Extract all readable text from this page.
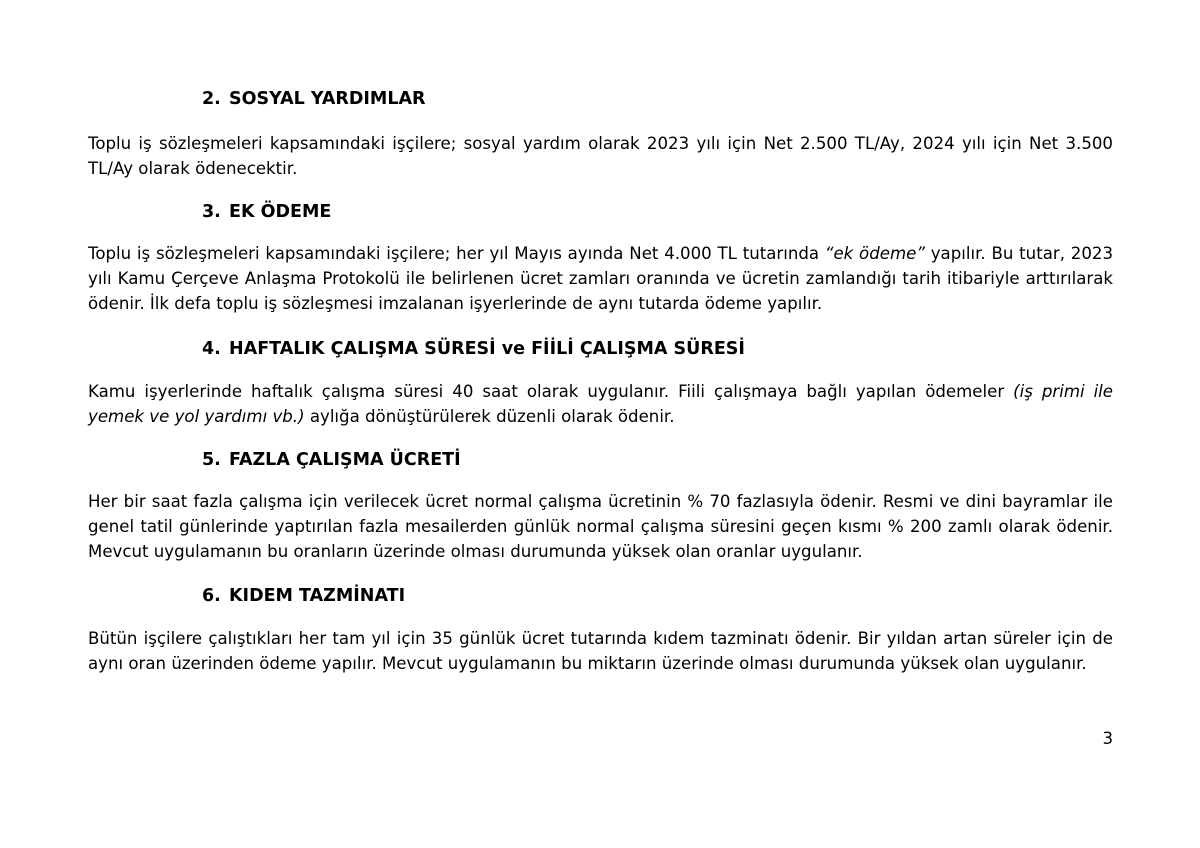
2. SOSYAL YARDIMLAR

Toplu iş sözleşmeleri kapsamındaki işçilere; sosyal yardım olarak 2023 yılı için Net 2.500 TL/Ay, 2024 yılı için Net 3.500 TL/Ay olarak ödenecektir.

3. EK ÖDEME

Toplu iş sözleşmeleri kapsamındaki işçilere; her yıl Mayıs ayında Net 4.000 TL tutarında “ek ödeme” yapılır. Bu tutar, 2023 yılı Kamu Çerçeve Anlaşma Protokolü ile belirlenen ücret zamları oranında ve ücretin zamlandığı tarih itibariyle arttırılarak ödenir. İlk defa toplu iş sözleşmesi imzalanan işyerlerinde de aynı tutarda ödeme yapılır.

4. HAFTALIK ÇALIŞMA SÜRESİ ve FİİLİ ÇALIŞMA SÜRESİ

Kamu işyerlerinde haftalık çalışma süresi 40 saat olarak uygulanır. Fiili çalışmaya bağlı yapılan ödemeler (iş primi ile yemek ve yol yardımı vb.) aylığa dönüştürülerek düzenli olarak ödenir.

5. FAZLA ÇALIŞMA ÜCRETİ

Her bir saat fazla çalışma için verilecek ücret normal çalışma ücretinin % 70 fazlasıyla ödenir. Resmi ve dini bayramlar ile genel tatil günlerinde yaptırılan fazla mesailerden günlük normal çalışma süresini geçen kısmı % 200 zamlı olarak ödenir. Mevcut uygulamanın bu oranların üzerinde olması durumunda yüksek olan oranlar uygulanır.

6. KIDEM TAZMİNATI

Bütün işçilere çalıştıkları her tam yıl için 35 günlük ücret tutarında kıdem tazminatı ödenir. Bir yıldan artan süreler için de aynı oran üzerinden ödeme yapılır. Mevcut uygulamanın bu miktarın üzerinde olması durumunda yüksek olan uygulanır.

3
